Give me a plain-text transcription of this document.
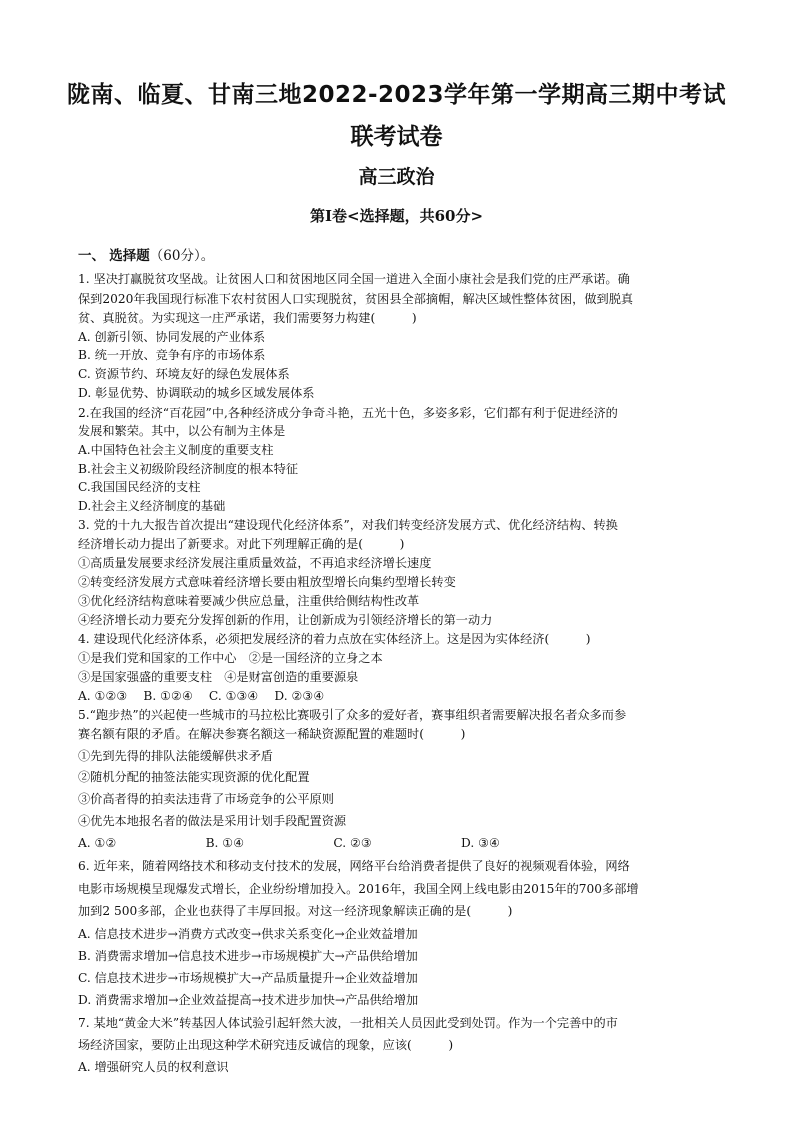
陇南、临夏、甘南三地2022-2023学年第一学期高三期中考试
联考试卷
高三政治
第Ⅰ卷<选择题，共60分>
一、 选择题（60分）。
1. 坚决打赢脱贫攻坚战。让贫困人口和贫困地区同全国一道进入全面小康社会是我们党的庄严承诺。确
保到2020年我国现行标准下农村贫困人口实现脱贫，贫困县全部摘帽，解决区域性整体贫困，做到脱真
贫、真脱贫。为实现这一庄严承诺，我们需要努力构建(　　　)
A. 创新引领、协同发展的产业体系
B. 统一开放、竞争有序的市场体系
C. 资源节约、环境友好的绿色发展体系
D. 彰显优势、协调联动的城乡区域发展体系
2.在我国的经济“百花园”中,各种经济成分争奇斗艳，五光十色，多姿多彩，它们都有利于促进经济的
发展和繁荣。其中，以公有制为主体是
A.中国特色社会主义制度的重要支柱
B.社会主义初级阶段经济制度的根本特征
C.我国国民经济的支柱
D.社会主义经济制度的基础
3. 党的十九大报告首次提出“建设现代化经济体系”，对我们转变经济发展方式、优化经济结构、转换
经济增长动力提出了新要求。对此下列理解正确的是(　　　)
①高质量发展要求经济发展注重质量效益，不再追求经济增长速度
②转变经济发展方式意味着经济增长要由粗放型增长向集约型增长转变
③优化经济结构意味着要减少供应总量，注重供给侧结构性改革
④经济增长动力要充分发挥创新的作用，让创新成为引领经济增长的第一动力
4. 建设现代化经济体系，必须把发展经济的着力点放在实体经济上。这是因为实体经济(　　　)
①是我们党和国家的工作中心　②是一国经济的立身之本
③是国家强盛的重要支柱　④是财富创造的重要源泉
A. ①②③　 B. ①②④　 C. ①③④　 D. ②③④
5.“跑步热”的兴起使一些城市的马拉松比赛吸引了众多的爱好者，赛事组织者需要解决报名者众多而参
赛名额有限的矛盾。在解决参赛名额这一稀缺资源配置的难题时(　　　)
①先到先得的排队法能缓解供求矛盾
②随机分配的抽签法能实现资源的优化配置
③价高者得的拍卖法违背了市场竞争的公平原则
④优先本地报名者的做法是采用计划手段配置资源
A. ①②　　　　　　　 B. ①④　　　　　　　 C. ②③　　　　　　　 D. ③④
6. 近年来，随着网络技术和移动支付技术的发展，网络平台给消费者提供了良好的视频观看体验，网络
电影市场规模呈现爆发式增长，企业纷纷增加投入。2016年，我国全网上线电影由2015年的700多部增
加到2 500多部，企业也获得了丰厚回报。对这一经济现象解读正确的是(　　　)
A. 信息技术进步→消费方式改变→供求关系变化→企业效益增加
B. 消费需求增加→信息技术进步→市场规模扩大→产品供给增加
C. 信息技术进步→市场规模扩大→产品质量提升→企业效益增加
D. 消费需求增加→企业效益提高→技术进步加快→产品供给增加
7. 某地“黄金大米”转基因人体试验引起轩然大波，一批相关人员因此受到处罚。作为一个完善中的市
场经济国家，要防止出现这种学术研究违反诚信的现象，应该(　　　)
A. 增强研究人员的权利意识
